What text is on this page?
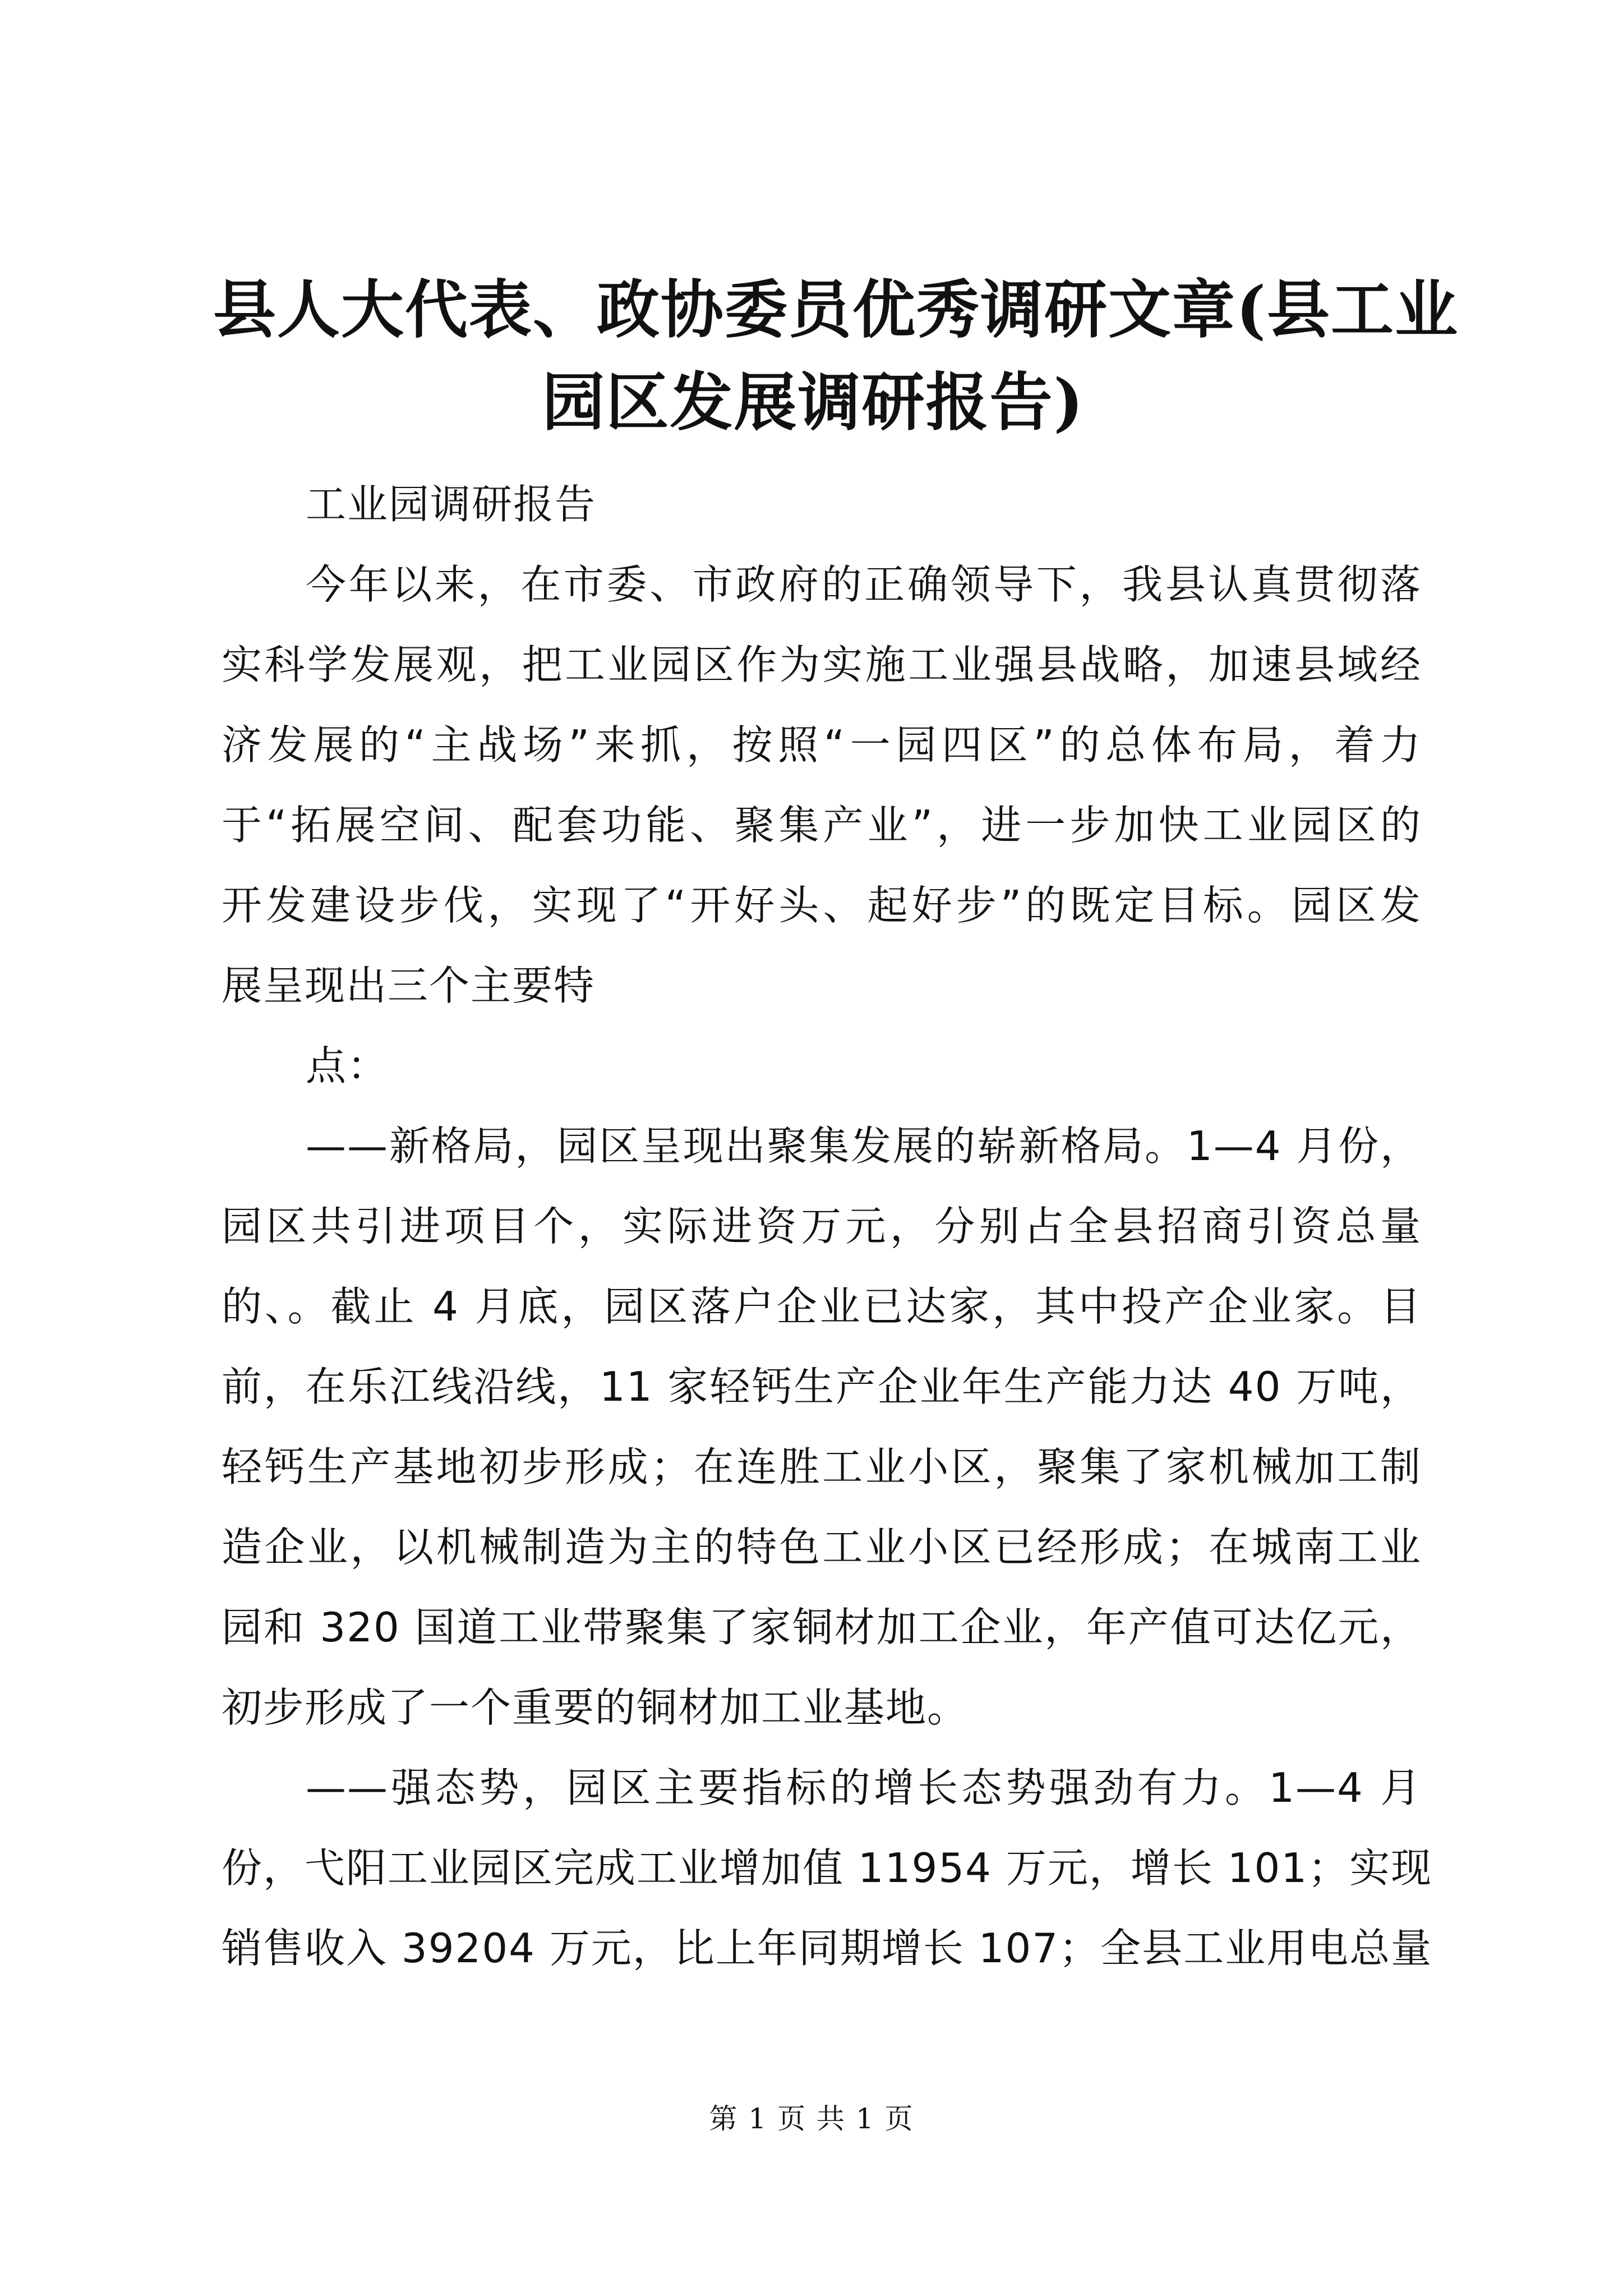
县人大代表、政协委员优秀调研文章(县工业
园区发展调研报告)
工业园调研报告
今年以来，在市委、市政府的正确领导下，我县认真贯彻落
实科学发展观，把工业园区作为实施工业强县战略，加速县域经
济发展的“主战场”来抓，按照“一园四区”的总体布局，着力
于“拓展空间、配套功能、聚集产业”，进一步加快工业园区的
开发建设步伐，实现了“开好头、起好步”的既定目标。园区发
展呈现出三个主要特
点：
——新格局，园区呈现出聚集发展的崭新格局。1—4 月份，
园区共引进项目个，实际进资万元，分别占全县招商引资总量
的、。截止 4 月底，园区落户企业已达家，其中投产企业家。目
前，在乐江线沿线，11 家轻钙生产企业年生产能力达 40 万吨，
轻钙生产基地初步形成；在连胜工业小区，聚集了家机械加工制
造企业，以机械制造为主的特色工业小区已经形成；在城南工业
园和 320 国道工业带聚集了家铜材加工企业，年产值可达亿元，
初步形成了一个重要的铜材加工业基地。
——强态势，园区主要指标的增长态势强劲有力。1—4 月
份，弋阳工业园区完成工业增加值 11954 万元，增长 101；实现
销售收入 39204 万元，比上年同期增长 107；全县工业用电总量
第 1 页 共 1 页
